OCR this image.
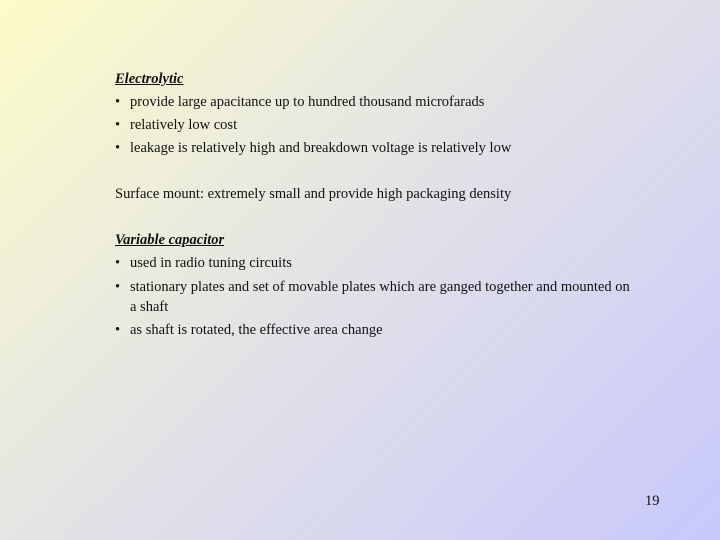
Electrolytic
• provide large apacitance up to hundred thousand microfarads
• relatively low cost
• leakage is relatively high and breakdown voltage is relatively low
Surface mount: extremely small and provide high packaging density
Variable capacitor
• used in radio tuning circuits
• stationary plates and set of movable plates which are ganged together and mounted on a shaft
• as shaft is rotated, the effective area change
19
